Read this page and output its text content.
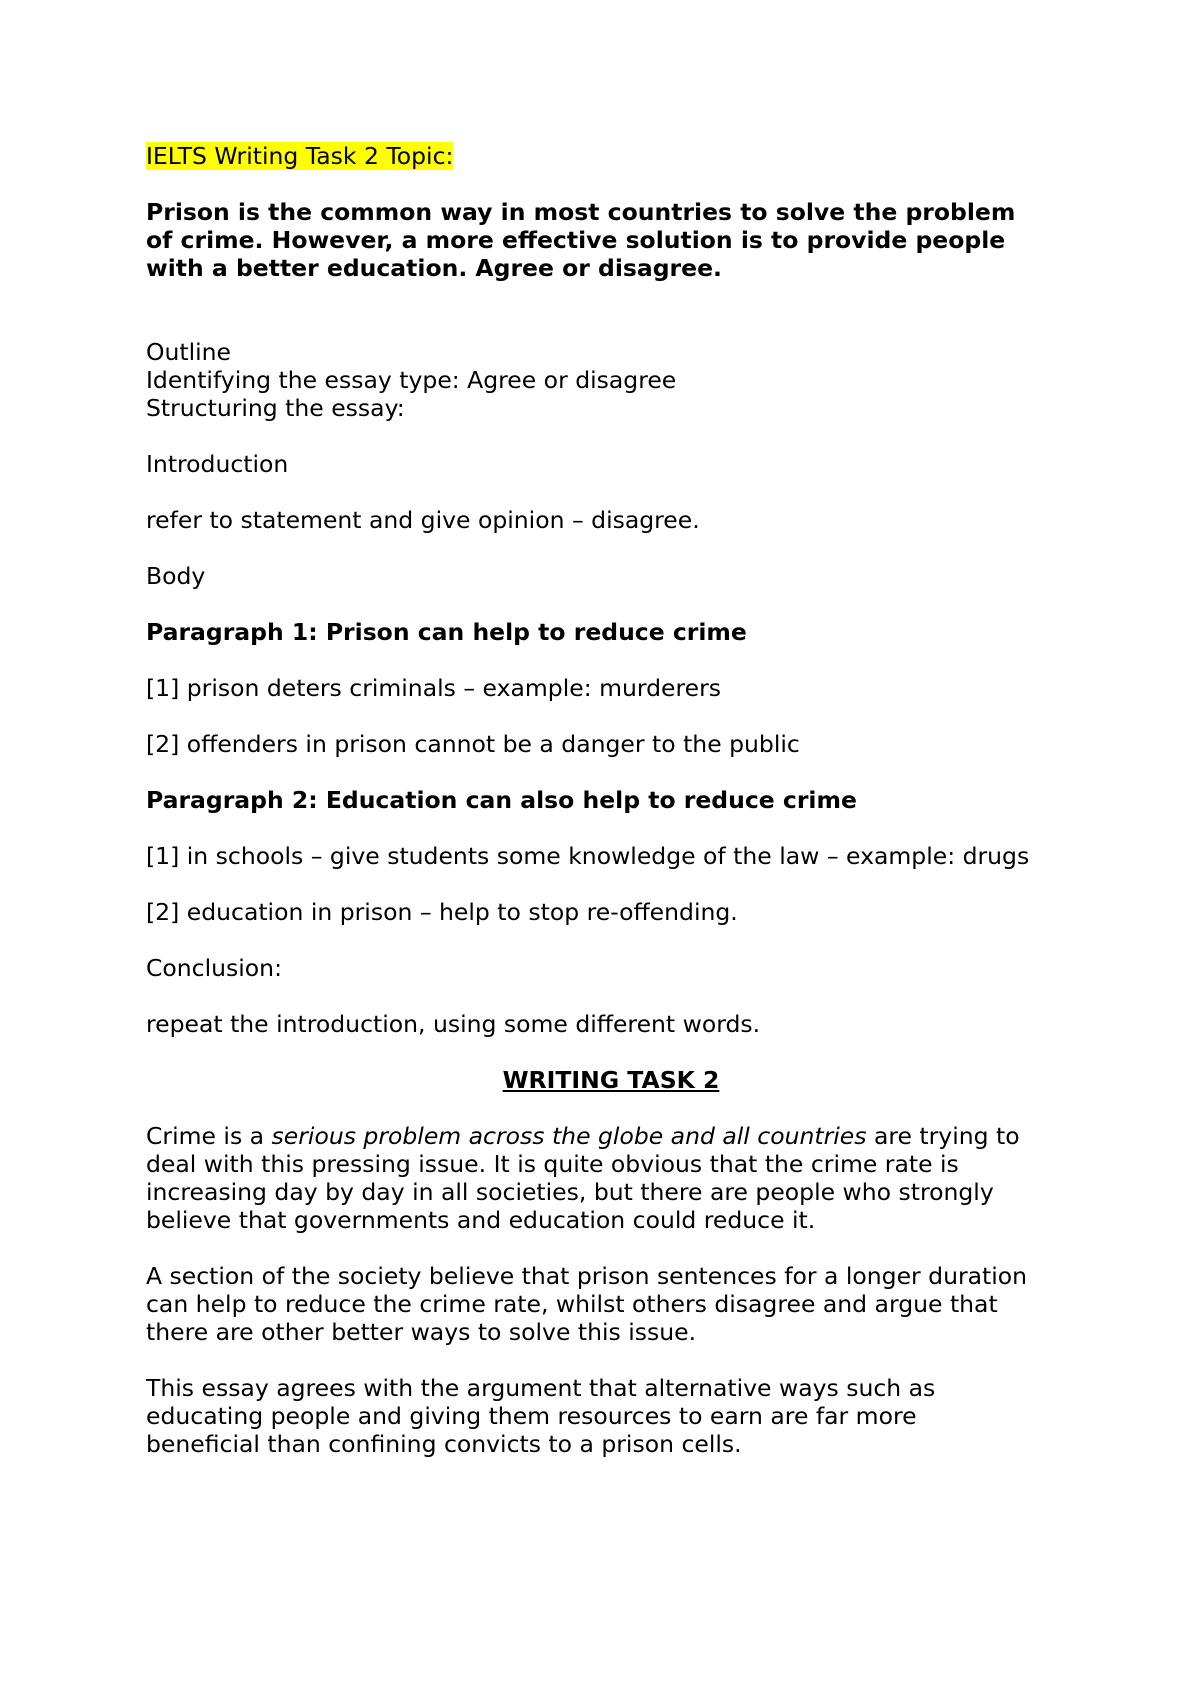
IELTS Writing Task 2 Topic:

Prison is the common way in most countries to solve the problem

of crime. However, a more effective solution is to provide people

with a better education. Agree or disagree.

Outline

Identifying the essay type: Agree or disagree

Structuring the essay:

Introduction

refer to statement and give opinion – disagree.

Body

Paragraph 1: Prison can help to reduce crime

[1] prison deters criminals – example: murderers

[2] offenders in prison cannot be a danger to the public

Paragraph 2: Education can also help to reduce crime

[1] in schools – give students some knowledge of the law – example: drugs

[2] education in prison – help to stop re-offending.

Conclusion:

repeat the introduction, using some different words.

WRITING TASK 2

Crime is a serious problem across the globe and all countries are trying to

deal with this pressing issue. It is quite obvious that the crime rate is

increasing day by day in all societies, but there are people who strongly

believe that governments and education could reduce it.

A section of the society believe that prison sentences for a longer duration

can help to reduce the crime rate, whilst others disagree and argue that

there are other better ways to solve this issue.

This essay agrees with the argument that alternative ways such as

educating people and giving them resources to earn are far more

beneficial than confining convicts to a prison cells.
